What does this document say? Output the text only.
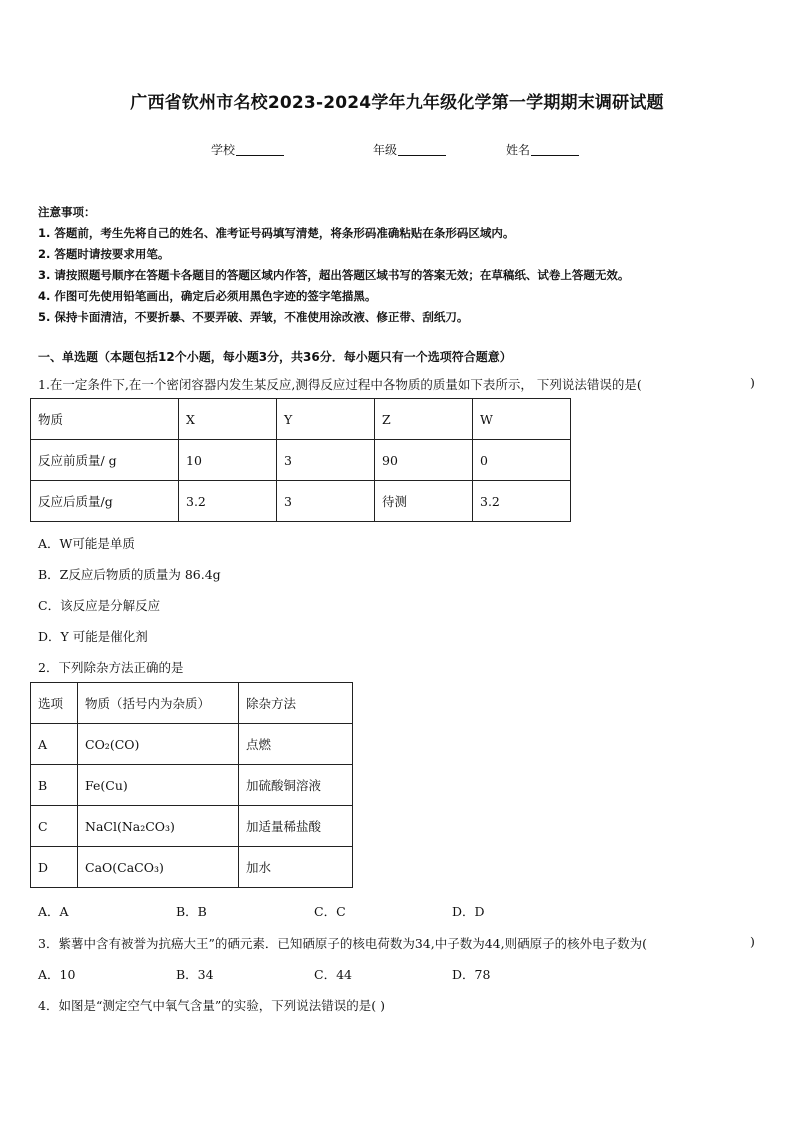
广西省钦州市名校2023-2024学年九年级化学第一学期期末调研试题
学校	年级	姓名
注意事项：
1. 答题前，考生先将自己的姓名、准考证号码填写清楚，将条形码准确粘贴在条形码区域内。
2. 答题时请按要求用笔。
3. 请按照题号顺序在答题卡各题目的答题区域内作答，超出答题区域书写的答案无效；在草稿纸、试卷上答题无效。
4. 作图可先使用铅笔画出，确定后必须用黑色字迹的签字笔描黑。
5. 保持卡面清洁，不要折暴、不要弄破、弄皱，不准使用涂改液、修正带、刮纸刀。
一、单选题（本题包括12个小题，每小题3分，共36分．每小题只有一个选项符合题意）
1.在一定条件下,在一个密闭容器内发生某反应,测得反应过程中各物质的质量如下表所示， 下列说法错误的是(	)
物质	X	Y	Z	W
反应前质量/ g	10	3	90	0
反应后质量/g	3.2	3	待测	3.2
A．W可能是单质
B．Z反应后物质的质量为 86.4g
C．该反应是分解反应
D．Y 可能是催化剂
2．下列除杂方法正确的是
选项	物质（括号内为杂质）	除杂方法
A	CO₂(CO)	点燃
B	Fe(Cu)	加硫酸铜溶液
C	NaCl(Na₂CO₃)	加适量稀盐酸
D	CaO(CaCO₃)	加水
A．A	B．B	C．C	D．D
3．紫薯中含有被誉为抗癌大王”的硒元素．已知硒原子的核电荷数为34,中子数为44,则硒原子的核外电子数为(	)
A．10	B．34	C．44	D．78
4．如图是“测定空气中氧气含量”的实验，下列说法错误的是( )
